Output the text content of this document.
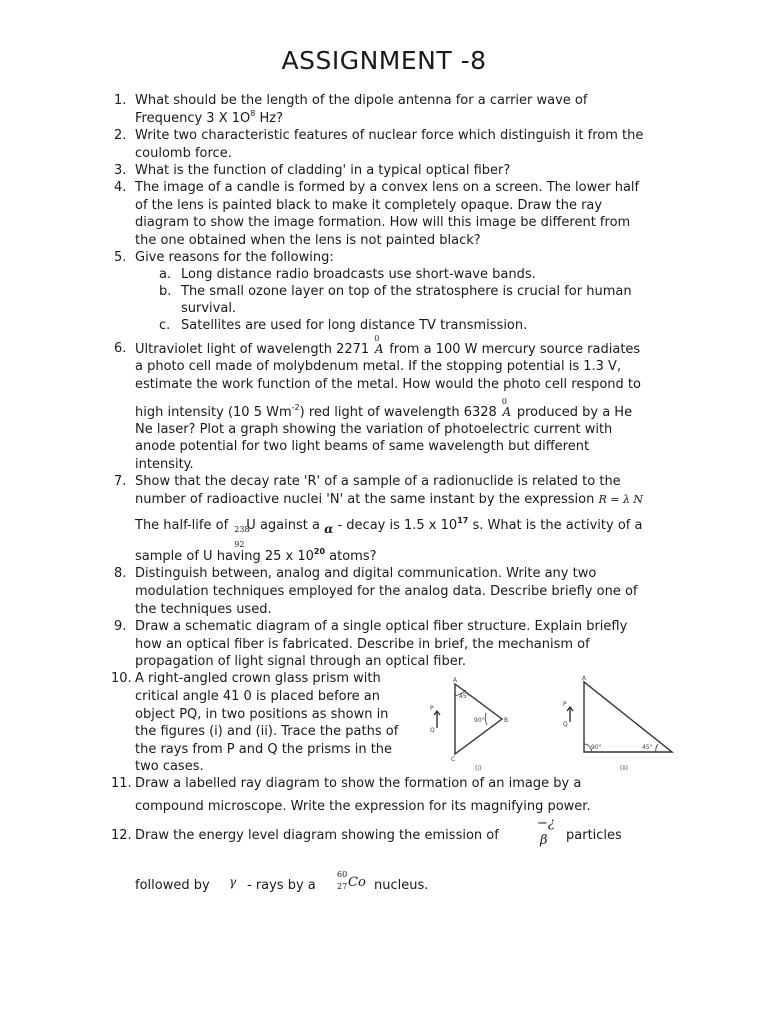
ASSIGNMENT -8
1. What should be the length of the dipole antenna for a carrier wave of
Frequency 3 X $1O^8$ Hz?
2. Write two characteristic features of nuclear force which distinguish it from the
coulomb force.
3. What is the function of cladding' in a typical optical fiber?
4. The image of a candle is formed by a convex lens on a screen. The lower half
of the lens is painted black to make it completely opaque. Draw the ray
diagram to show the image formation. How will this image be different from
the one obtained when the lens is not painted black?
5. Give reasons for the following:
a. Long distance radio broadcasts use short-wave bands.
b. The small ozone layer on top of the stratosphere is crucial for human
survival.
c. Satellites are used for long distance TV transmission.
6. Ultraviolet light of wavelength 2271
0
A from a 100 W mercury source radiates
a photo cell made of molybdenum metal. If the stopping potential is 1.3 V,
estimate the work function of the metal. How would the photo cell respond to
high intensity (10 5 $Wm^{-2}$) red light of wavelength 6328
0
A produced by a He
Ne laser? Plot a graph showing the variation of photoelectric current with
anode potential for two light beams of same wavelength but different
intensity.
7. Show that the decay rate 'R' of a sample of a radionuclide is related to the
number of radioactive nuclei 'N' at the same instant by the expression R = λ N
The half-life of 238
92
U against a α - decay is 1.5 x $10^{17}$ s. What is the activity of a
sample of U having 25 x $10^{20}$ atoms?
8. Distinguish between, analog and digital communication. Write any two
modulation techniques employed for the analog data. Describe briefly one of
the techniques used.
9. Draw a schematic diagram of a single optical fiber structure. Explain briefly
how an optical fiber is fabricated. Describe in brief, the mechanism of
propagation of light signal through an optical fiber.
10. A right-angled crown glass prism with
critical angle 41 0 is placed before an
object PQ, in two positions as shown in
the figures (i) and (ii). Trace the paths of
the rays from P and Q the prisms in the
two cases.
A
B
C
P
Q
45°
90°
(i)
A
P
Q
90°	45°
(ii)
11. Draw a labelled ray diagram to show the formation of an image by a
compound microscope. Write the expression for its magnifying power.
12. Draw the energy level diagram showing the emission of
−¿
β particles
followed by γ - rays by a
60
27 Co nucleus.
